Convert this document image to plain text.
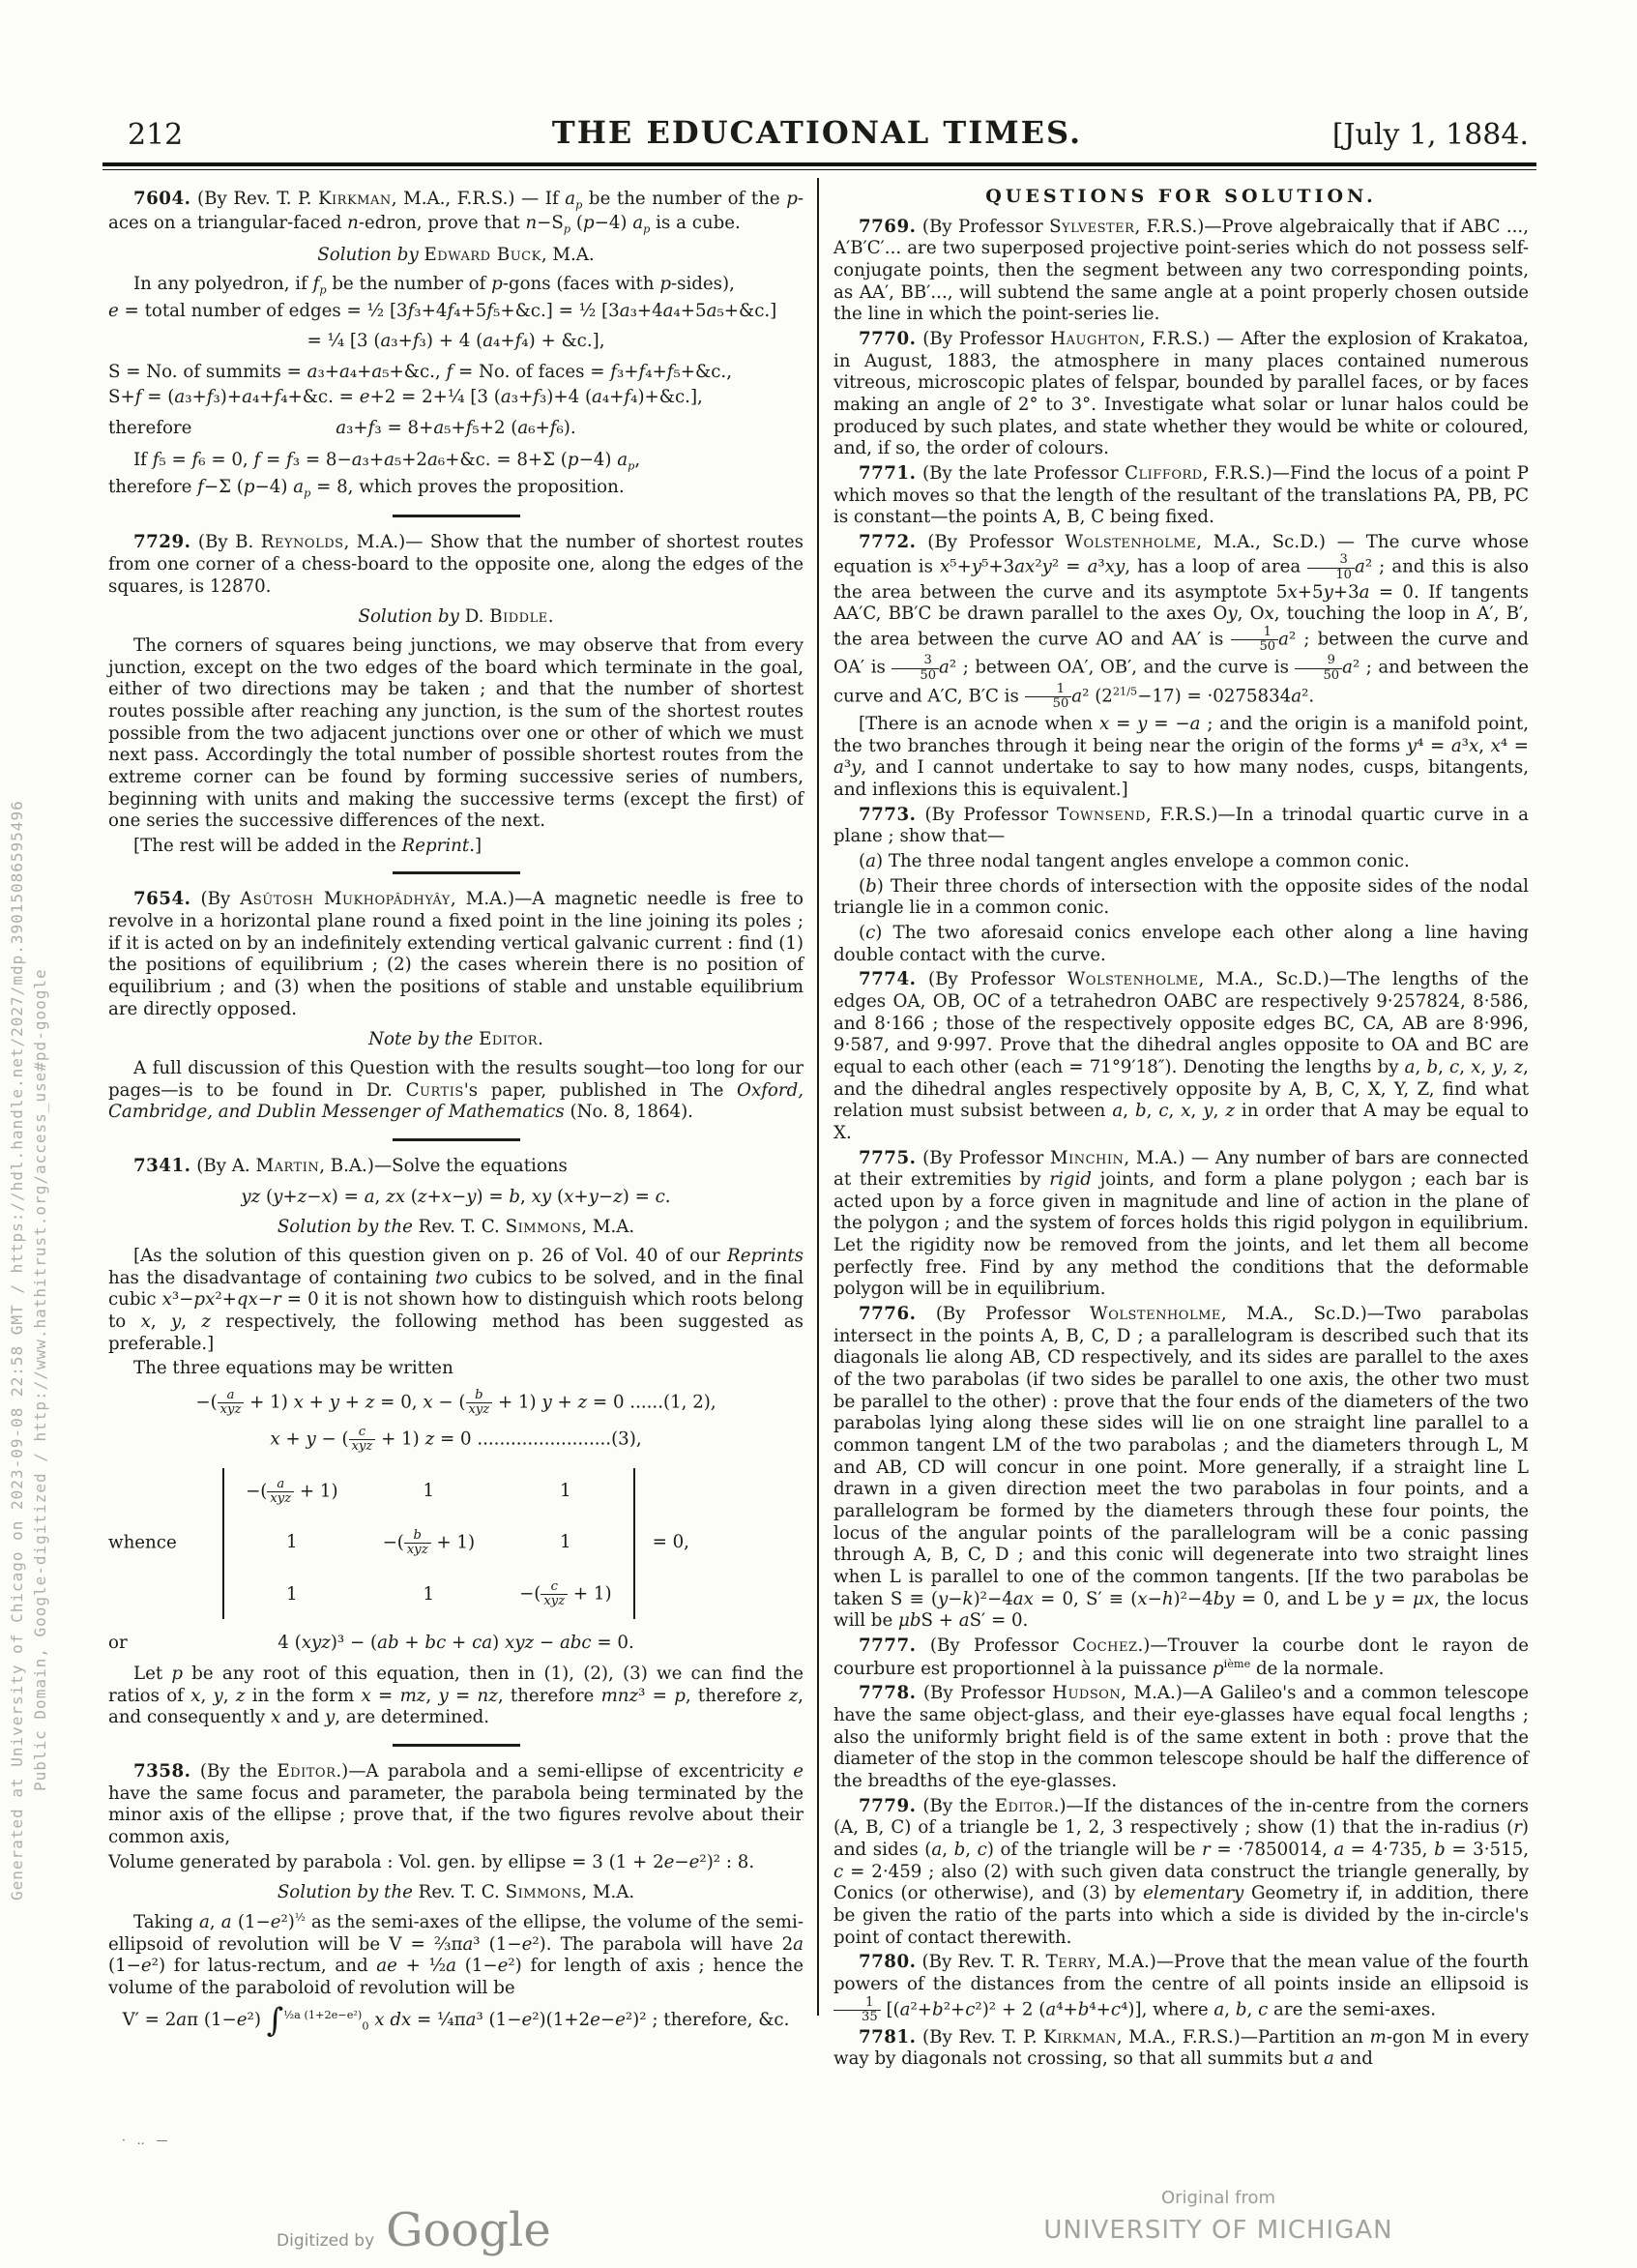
212	THE EDUCATIONAL TIMES.	[July 1, 1884.
7604. (By Rev. T. P. Kirkman, M.A., F.R.S.) — If $a_p$ be the number of the p-aces on a triangular-faced n-edron, prove that $n-S_p$ (p−4) $a_p$ is a cube.
Solution by Edward Buck, M.A.
In any polyedron, if $f_p$ be the number of p-gons (faces with p-sides),
e = total number of edges = ½ [3f₃+4f₄+5f₅+&c.] = ½ [3a₃+4a₄+5a₅+&c.]
= ¼ [3 (a₃+f₃) + 4 (a₄+f₄) + &c.],
S = No. of summits = a₃+a₄+a₅+&c., f = No. of faces = f₃+f₄+f₅+&c.,
S+f = (a₃+f₃)+a₄+f₄+&c. = e+2 = 2+¼ [3 (a₃+f₃)+4 (a₄+f₄)+&c.],
therefore	a₃+f₃ = 8+a₅+f₅+2 (a₆+f₆).
If f₅ = f₆ = 0, f = f₃ = 8−a₃+a₅+2a₆+&c. = 8+Σ (p−4) $a_p$,
therefore f−Σ (p−4) $a_p = 8$, which proves the proposition.
7729. (By B. Reynolds, M.A.)— Show that the number of shortest routes from one corner of a chess-board to the opposite one, along the edges of the squares, is 12870.
Solution by D. Biddle.
The corners of squares being junctions, we may observe that from every junction, except on the two edges of the board which terminate in the goal, either of two directions may be taken ; and that the number of shortest routes possible after reaching any junction, is the sum of the shortest routes possible from the two adjacent junctions over one or other of which we must next pass. Accordingly the total number of possible shortest routes from the extreme corner can be found by forming successive series of numbers, beginning with units and making the successive terms (except the first) of one series the successive differences of the next.
[The rest will be added in the Reprint.]
7654. (By Asûtosh Mukhopâdhyây, M.A.)—A magnetic needle is free to revolve in a horizontal plane round a fixed point in the line joining its poles ; if it is acted on by an indefinitely extending vertical galvanic current : find (1) the positions of equilibrium ; (2) the cases wherein there is no position of equilibrium ; and (3) when the positions of stable and unstable equilibrium are directly opposed.
Note by the Editor.
A full discussion of this Question with the results sought—too long for our pages—is to be found in Dr. Curtis's paper, published in The Oxford, Cambridge, and Dublin Messenger of Mathematics (No. 8, 1864).
7341. (By A. Martin, B.A.)—Solve the equations
yz (y+z−x) = a, zx (z+x−y) = b, xy (x+y−z) = c.
Solution by the Rev. T. C. Simmons, M.A.
[As the solution of this question given on p. 26 of Vol. 40 of our Reprints has the disadvantage of containing two cubics to be solved, and in the final cubic x³−px²+qx−r = 0 it is not shown how to distinguish which roots belong to x, y, z respectively, the following method has been suggested as preferable.]
The three equations may be written
−( a
xyz + 1) x + y + z = 0, x − ( b
xyz + 1) y + z = 0 ......(1, 2),
x + y − ( c
xyz + 1) z = 0 ........................(3),
whence
−( a
xyz + 1)	1	1
1	−( b
xyz + 1)	1
1	1	−( c
xyz + 1)
= 0,
or	4 (xyz)³ − (ab + bc + ca) xyz − abc = 0.
Let p be any root of this equation, then in (1), (2), (3) we can find the ratios of x, y, z in the form x = mz, y = nz, therefore mnz³ = p, therefore z, and consequently x and y, are determined.
7358. (By the Editor.)—A parabola and a semi-ellipse of excentricity e have the same focus and parameter, the parabola being terminated by the minor axis of the ellipse ; prove that, if the two figures revolve about their common axis,
Volume generated by parabola : Vol. gen. by ellipse = 3 (1 + 2e−e²)² : 8.
Solution by the Rev. T. C. Simmons, M.A.
Taking a, a $(1-e^2)^{\frac{1}{2}}$ as the semi-axes of the ellipse, the volume of the semi-ellipsoid of revolution will be V = ⅔πa³ (1−e²). The parabola will have 2a (1−e²) for latus-rectum, and ae + ½a (1−e²) for length of axis ; hence the volume of the paraboloid of revolution will be
V′ = 2aπ (1−e²) ∫$^{\frac{1}{2}a (1+2e-e^2)}_0$ x dx = ¼πa³ (1−e²)(1+2e−e²)² ; therefore, &c.
QUESTIONS FOR SOLUTION.
7769. (By Professor Sylvester, F.R.S.)—Prove algebraically that if ABC ..., A′B′C′... are two superposed projective point-series which do not possess self-conjugate points, then the segment between any two corresponding points, as AA′, BB′..., will subtend the same angle at a point properly chosen outside the line in which the point-series lie.
7770. (By Professor Haughton, F.R.S.) — After the explosion of Krakatoa, in August, 1883, the atmosphere in many places contained numerous vitreous, microscopic plates of felspar, bounded by parallel faces, or by faces making an angle of 2° to 3°. Investigate what solar or lunar halos could be produced by such plates, and state whether they would be white or coloured, and, if so, the order of colours.
7771. (By the late Professor Clifford, F.R.S.)—Find the locus of a point P which moves so that the length of the resultant of the translations PA, PB, PC is constant—the points A, B, C being fixed.
7772. (By Professor Wolstenholme, M.A., Sc.D.) — The curve whose equation is x⁵+y⁵+3ax²y² = a³xy, has a loop of area $\frac{3}{10} a^2$ ; and this is also the area between the curve and its asymptote 5x+5y+3a = 0. If tangents AA′C, BB′C be drawn parallel to the axes Oy, Ox, touching the loop in A′, B′, the area between the curve AO and AA′ is $\frac{1}{50} a^2$ ; between the curve and OA′ is $\frac{3}{50} a^2$ ; between OA′, OB′, and the curve is $\frac{9}{50} a^2$ ; and between the curve and A′C, B′C is $\frac{1}{50} a^2$ $(2^{21/5}-17) = \cdot 0275834a^2$.
[There is an acnode when x = y = −a ; and the origin is a manifold point, the two branches through it being near the origin of the forms y⁴ = a³x, x⁴ = a³y, and I cannot undertake to say to how many nodes, cusps, bitangents, and inflexions this is equivalent.]
7773. (By Professor Townsend, F.R.S.)—In a trinodal quartic curve in a plane ; show that—
(a) The three nodal tangent angles envelope a common conic.
(b) Their three chords of intersection with the opposite sides of the nodal triangle lie in a common conic.
(c) The two aforesaid conics envelope each other along a line having double contact with the curve.
7774. (By Professor Wolstenholme, M.A., Sc.D.)—The lengths of the edges OA, OB, OC of a tetrahedron OABC are respectively 9·257824, 8·586, and 8·166 ; those of the respectively opposite edges BC, CA, AB are 8·996, 9·587, and 9·997. Prove that the dihedral angles opposite to OA and BC are equal to each other (each = 71°9′18″). Denoting the lengths by a, b, c, x, y, z, and the dihedral angles respectively opposite by A, B, C, X, Y, Z, find what relation must subsist between a, b, c, x, y, z in order that A may be equal to X.
7775. (By Professor Minchin, M.A.) — Any number of bars are connected at their extremities by rigid joints, and form a plane polygon ; each bar is acted upon by a force given in magnitude and line of action in the plane of the polygon ; and the system of forces holds this rigid polygon in equilibrium. Let the rigidity now be removed from the joints, and let them all become perfectly free. Find by any method the conditions that the deformable polygon will be in equilibrium.
7776. (By Professor Wolstenholme, M.A., Sc.D.)—Two parabolas intersect in the points A, B, C, D ; a parallelogram is described such that its diagonals lie along AB, CD respectively, and its sides are parallel to the axes of the two parabolas (if two sides be parallel to one axis, the other two must be parallel to the other) : prove that the four ends of the diameters of the two parabolas lying along these sides will lie on one straight line parallel to a common tangent LM of the two parabolas ; and the diameters through L, M and AB, CD will concur in one point. More generally, if a straight line L drawn in a given direction meet the two parabolas in four points, and a parallelogram be formed by the diameters through these four points, the locus of the angular points of the parallelogram will be a conic passing through A, B, C, D ; and this conic will degenerate into two straight lines when L is parallel to one of the common tangents. [If the two parabolas be taken S ≡ (y−k)²−4ax = 0, S′ ≡ (x−h)²−4by = 0, and L be y = μx, the locus will be μbS + aS′ = 0.
7777. (By Professor Cochez.)—Trouver la courbe dont le rayon de courbure est proportionnel à la puissance $p^{ième}$ de la normale.
7778. (By Professor Hudson, M.A.)—A Galileo's and a common telescope have the same object-glass, and their eye-glasses have equal focal lengths ; also the uniformly bright field is of the same extent in both : prove that the diameter of the stop in the common telescope should be half the difference of the breadths of the eye-glasses.
7779. (By the Editor.)—If the distances of the in-centre from the corners (A, B, C) of a triangle be 1, 2, 3 respectively ; show (1) that the in-radius (r) and sides (a, b, c) of the triangle will be r = ·7850014, a = 4·735, b = 3·515, c = 2·459 ; also (2) with such given data construct the triangle generally, by Conics (or otherwise), and (3) by elementary Geometry if, in addition, there be given the ratio of the parts into which a side is divided by the in-circle's point of contact therewith.
7780. (By Rev. T. R. Terry, M.A.)—Prove that the mean value of the fourth powers of the distances from the centre of all points inside an ellipsoid is
$\frac{1}{35} [(a^2+b^2+c^2)^2 + 2$ (a⁴+b⁴+c⁴)], where a, b, c are the semi-axes.
7781. (By Rev. T. P. Kirkman, M.A., F.R.S.)—Partition an m-gon M in every way by diagonals not crossing, so that all summits but a and
Generated at University of Chicago on 2023-09-08 22:58 GMT / https://hdl.handle.net/2027/mdp.39015086595496 Public Domain, Google-digitized / http://www.hathitrust.org/access_use#pd-google
· ‥ —
Digitized by Google
Original from
UNIVERSITY OF MICHIGAN
